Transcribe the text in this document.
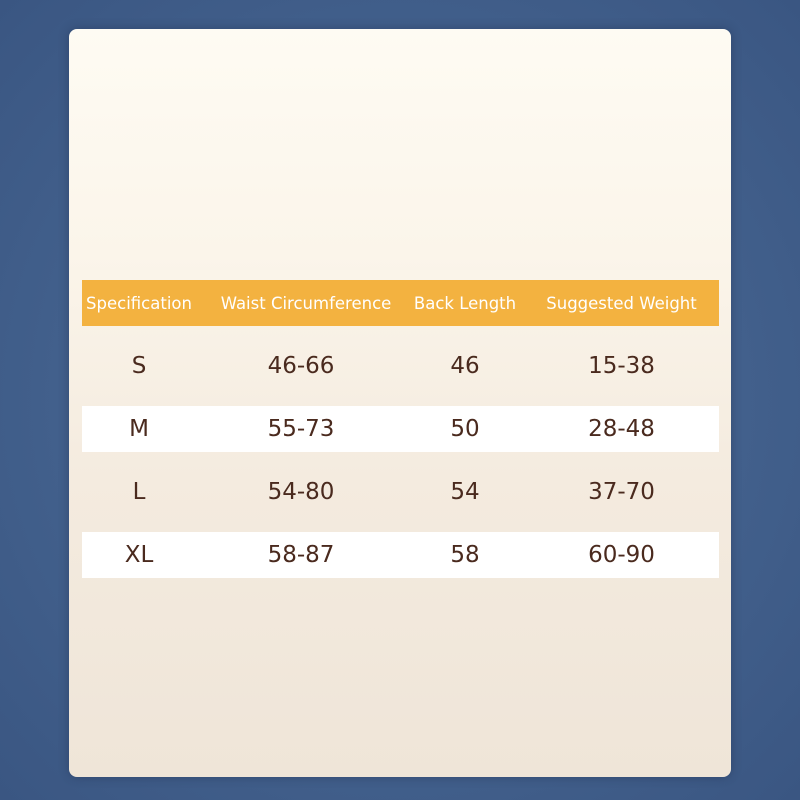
Specification	Waist Circumference	Back Length	Suggested Weight
S	46-66	46	15-38
M	55-73	50	28-48
L	54-80	54	37-70
XL	58-87	58	60-90
